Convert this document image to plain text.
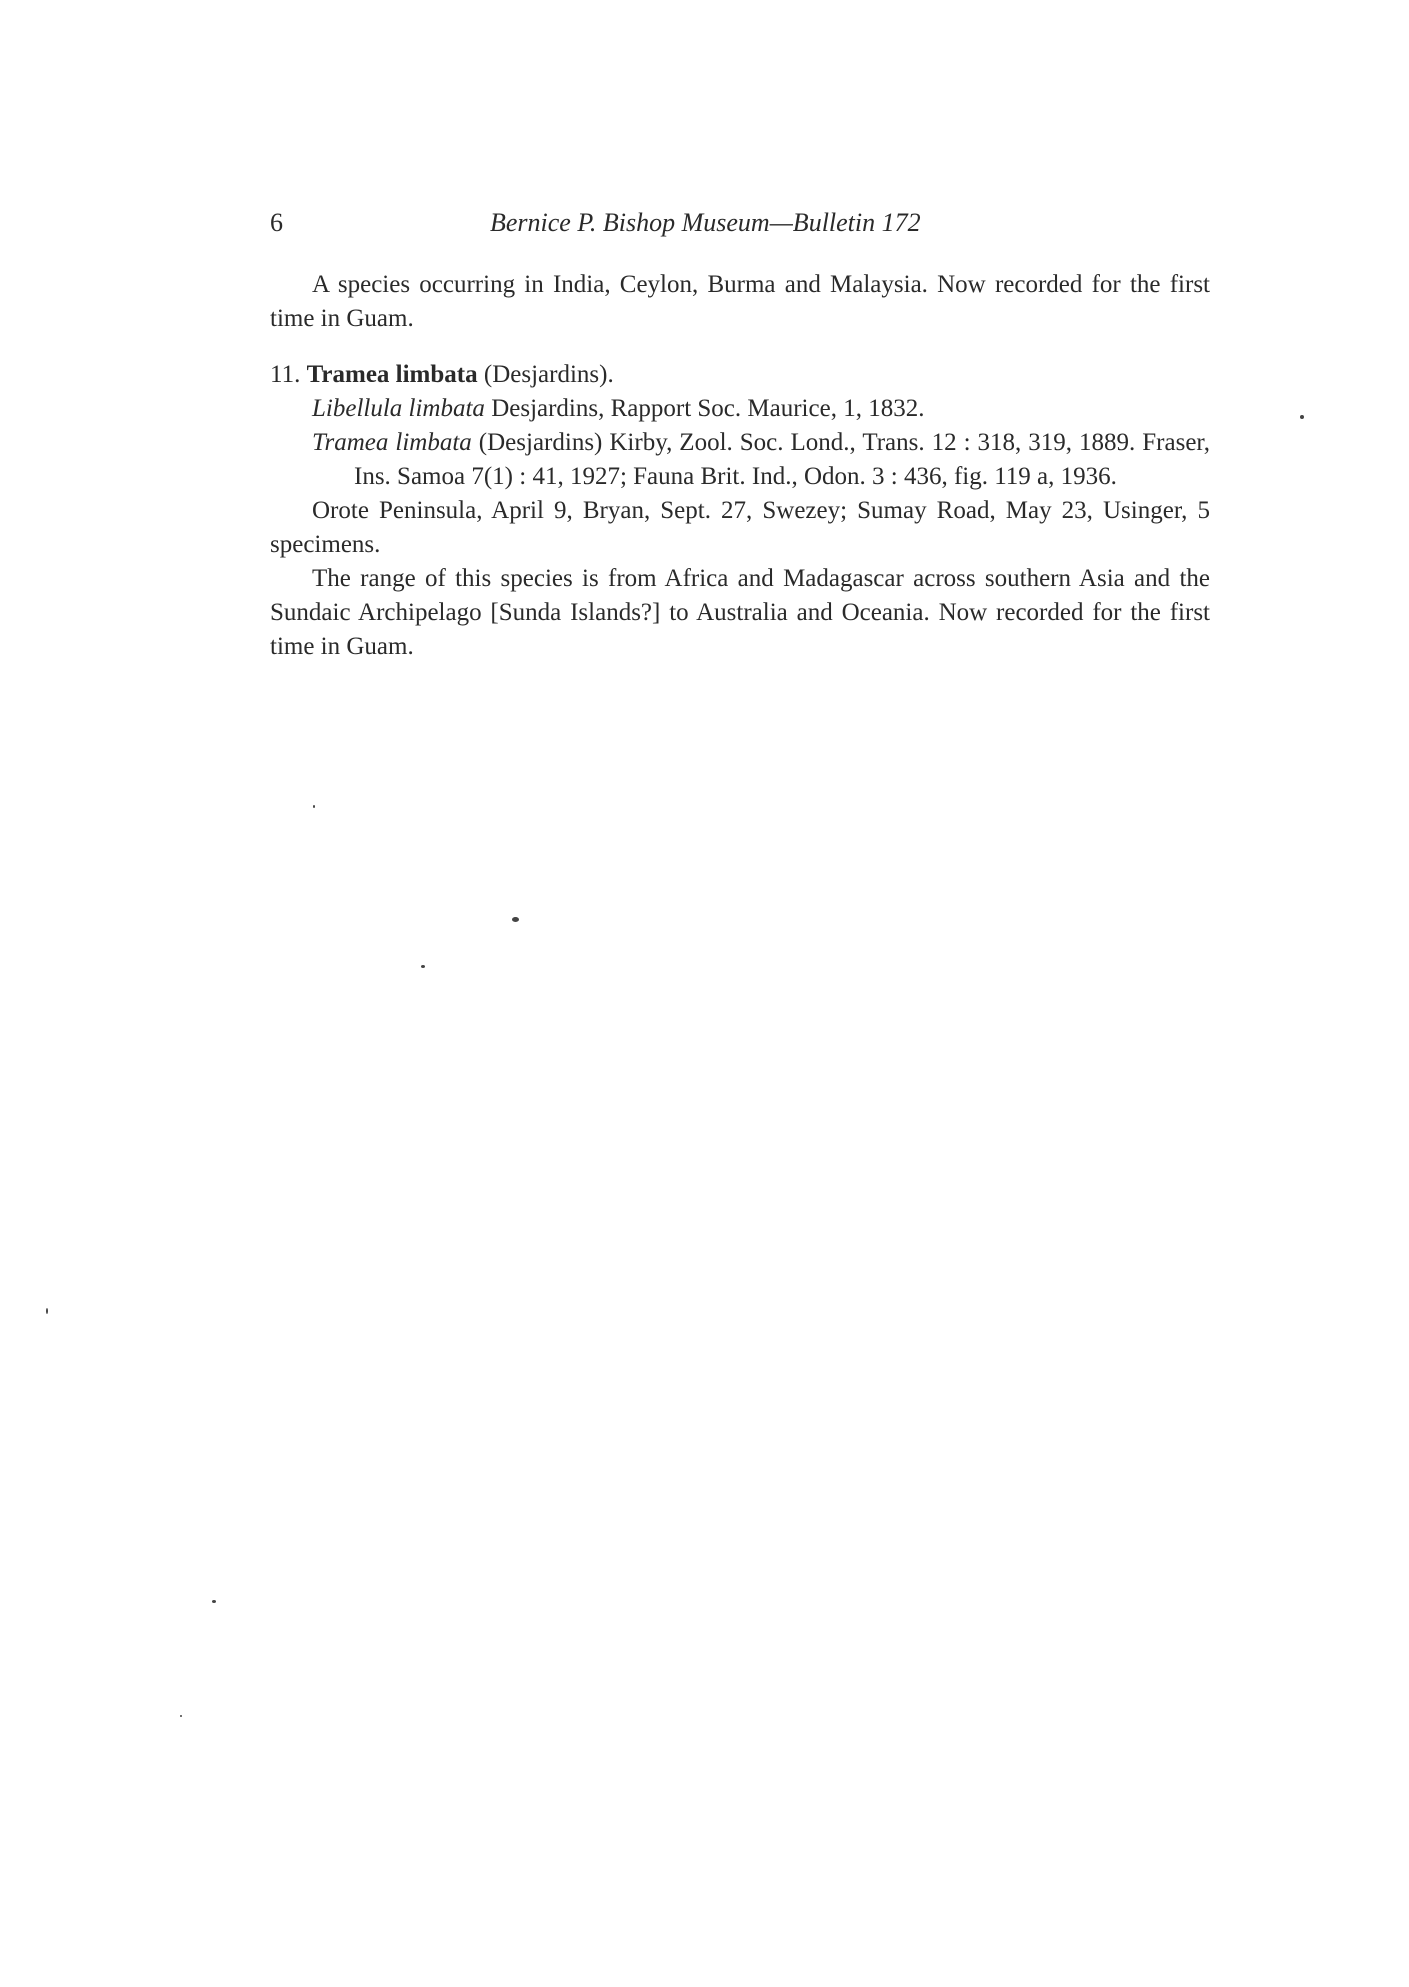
6	Bernice P. Bishop Museum—Bulletin 172

A species occurring in India, Ceylon, Burma and Malaysia. Now recorded for the first time in Guam.

11. Tramea limbata (Desjardins).

Libellula limbata Desjardins, Rapport Soc. Maurice, 1, 1832.

Tramea limbata (Desjardins) Kirby, Zool. Soc. Lond., Trans. 12 : 318, 319, 1889. Fraser, Ins. Samoa 7(1) : 41, 1927; Fauna Brit. Ind., Odon. 3 : 436, fig. 119 a, 1936.

Orote Peninsula, April 9, Bryan, Sept. 27, Swezey; Sumay Road, May 23, Usinger, 5 specimens.

The range of this species is from Africa and Madagascar across southern Asia and the Sundaic Archipelago [Sunda Islands?] to Australia and Oceania. Now recorded for the first time in Guam.
